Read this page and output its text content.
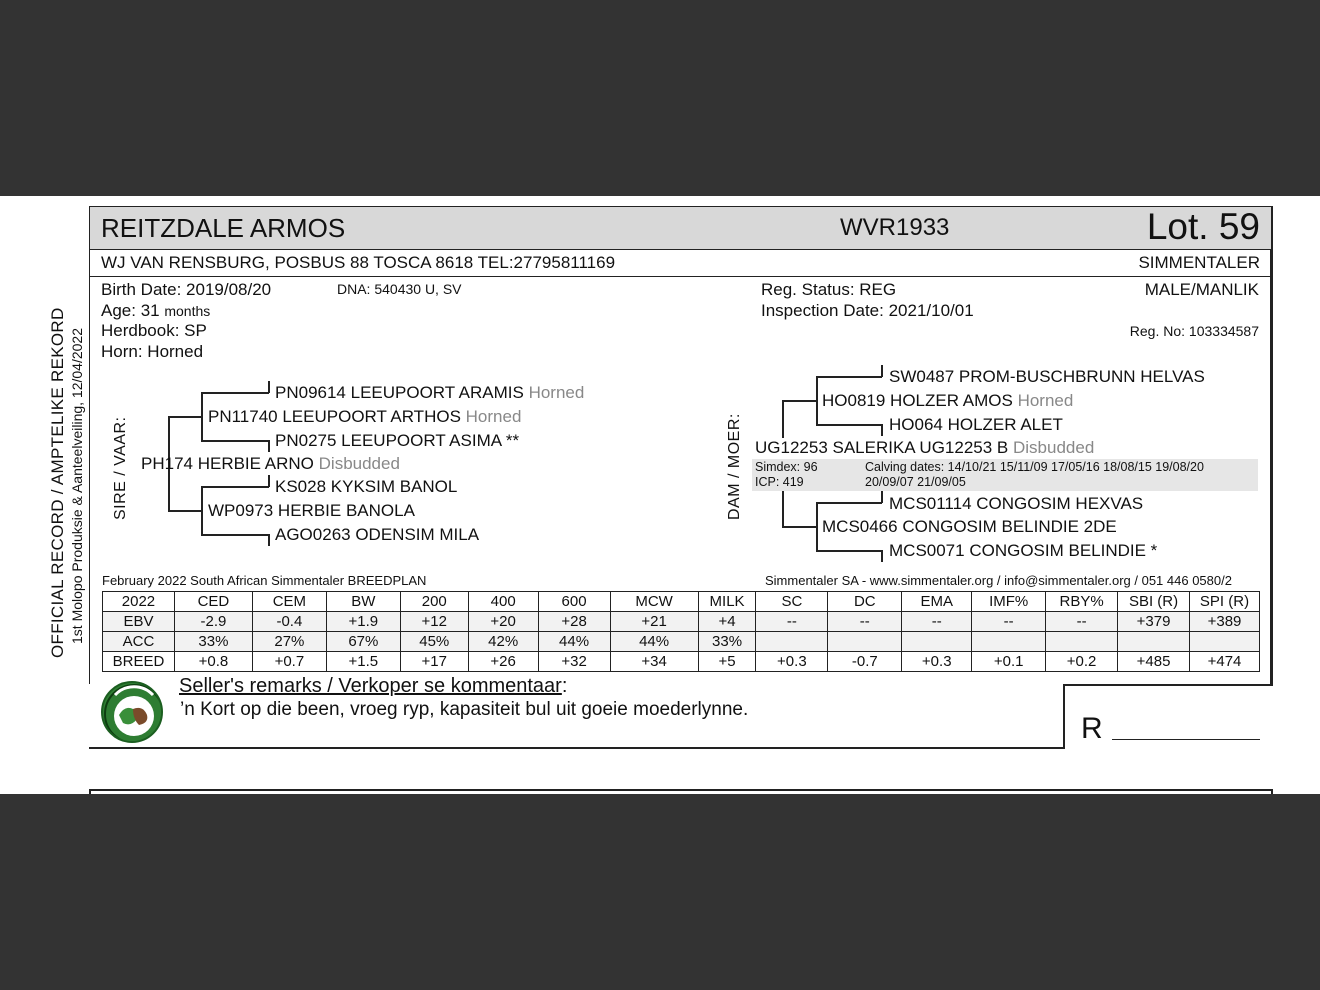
OFFICIAL RECORD / AMPTELIKE REKORD 1st Molopo Produksie & Aanteelveiling, 12/04/2022
REITZDALE ARMOS	WVR1933	Lot. 59
WJ VAN RENSBURG, POSBUS 88 TOSCA 8618 TEL:27795811169	SIMMENTALER
Birth Date: 2019/08/20	DNA: 540430 U, SV
Age: 31 months
Herdbook: SP
Horn: Horned
Reg. Status: REG
Inspection Date: 2021/10/01
MALE/MANLIK
Reg. No: 103334587
SIRE / VAAR:
PN09614 LEEUPOORT ARAMIS Horned
PN11740 LEEUPOORT ARTHOS Horned
PN0275 LEEUPOORT ASIMA **
PH174 HERBIE ARNO Disbudded
KS028 KYKSIM BANOL
WP0973 HERBIE BANOLA
AGO0263 ODENSIM MILA
DAM / MOER:
SW0487 PROM-BUSCHBRUNN HELVAS
HO0819 HOLZER AMOS Horned
HO064 HOLZER ALET
UG12253 SALERIKA UG12253 B Disbudded
Simdex: 96
ICP: 419
Calving dates: 14/10/21 15/11/09 17/05/16 18/08/15 19/08/20
20/09/07 21/09/05
MCS01114 CONGOSIM HEXVAS
MCS0466 CONGOSIM BELINDIE 2DE
MCS0071 CONGOSIM BELINDIE *
February 2022 South African Simmentaler BREEDPLAN	Simmentaler SA - www.simmentaler.org / info@simmentaler.org / 051 446 0580/2
2022	CED	CEM	BW	200	400	600	MCW	MILK	SC	DC	EMA	IMF%	RBY%	SBI (R)	SPI (R)
EBV	-2.9	-0.4	+1.9	+12	+20	+28	+21	+4	--	--	--	--	--	+379	+389
ACC	33%	27%	67%	45%	42%	44%	44%	33%							
BREED	+0.8	+0.7	+1.5	+17	+26	+32	+34	+5	+0.3	-0.7	+0.3	+0.1	+0.2	+485	+474
Seller's remarks / Verkoper se kommentaar:
’n Kort op die been, vroeg ryp, kapasiteit bul uit goeie moederlynne.
R
